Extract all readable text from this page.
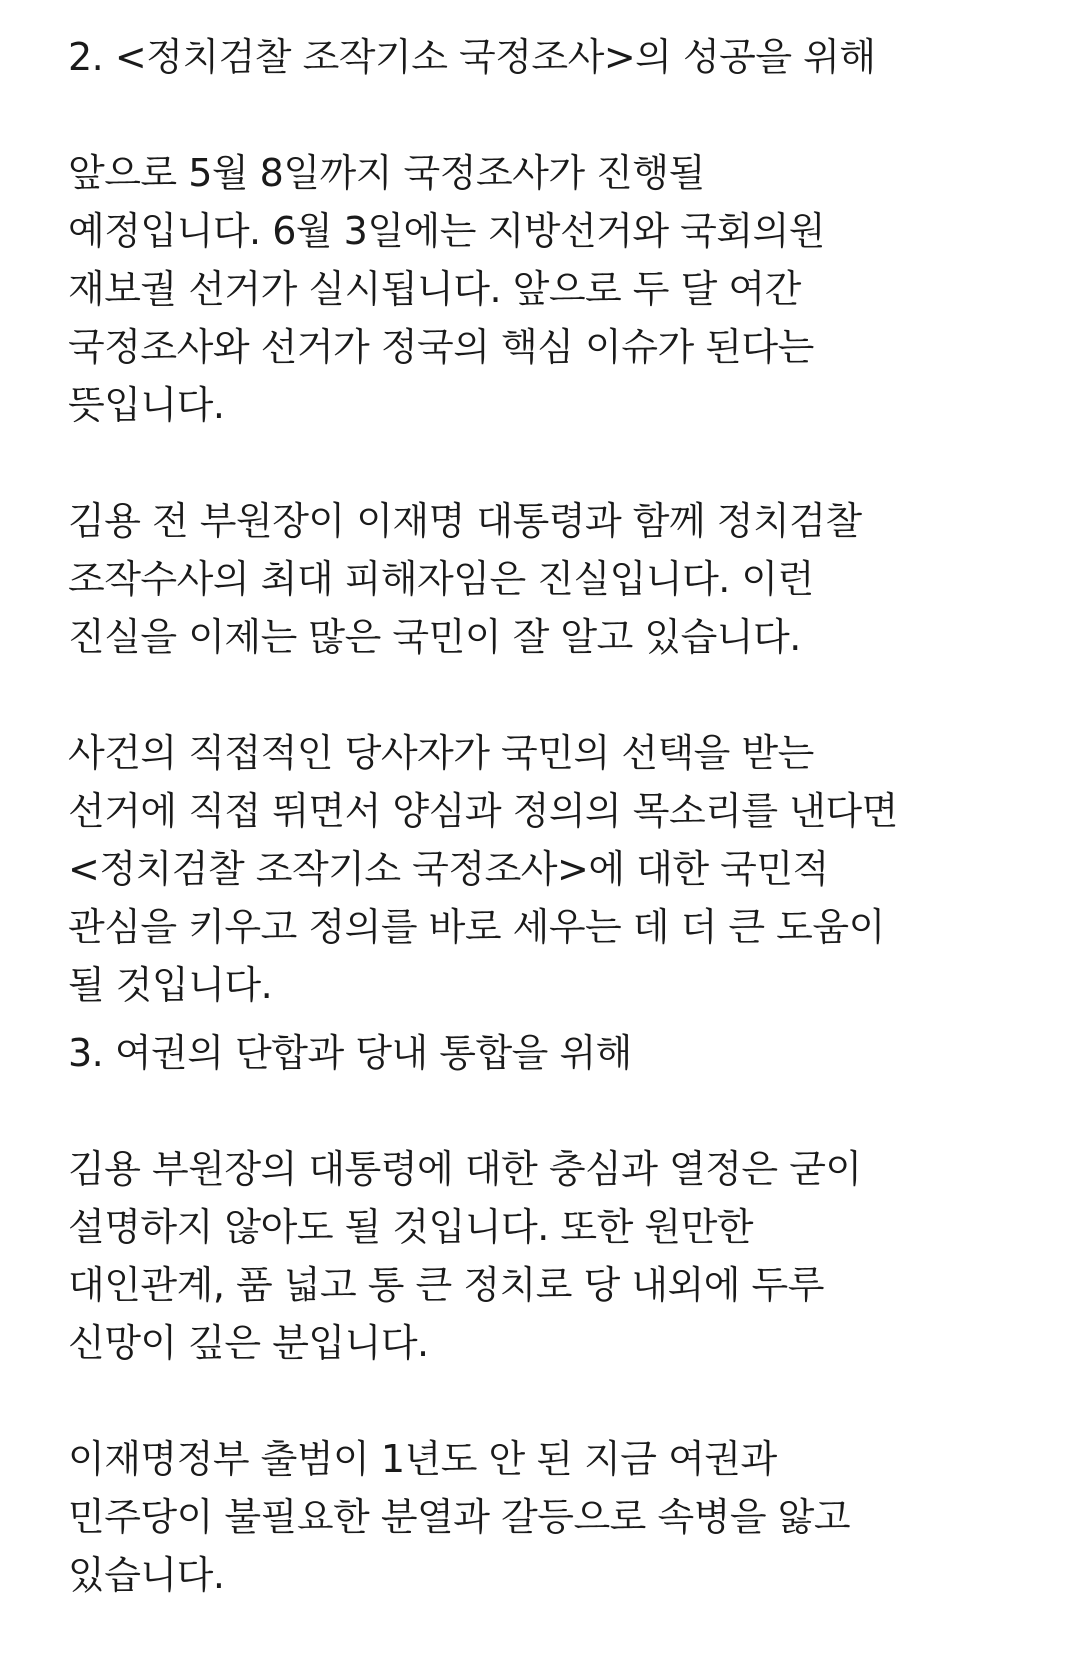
2. <정치검찰 조작기소 국정조사>의 성공을 위해

앞으로 5월 8일까지 국정조사가 진행될
예정입니다. 6월 3일에는 지방선거와 국회의원
재보궐 선거가 실시됩니다. 앞으로 두 달 여간
국정조사와 선거가 정국의 핵심 이슈가 된다는
뜻입니다.

김용 전 부원장이 이재명 대통령과 함께 정치검찰
조작수사의 최대 피해자임은 진실입니다. 이런
진실을 이제는 많은 국민이 잘 알고 있습니다.

사건의 직접적인 당사자가 국민의 선택을 받는
선거에 직접 뛰면서 양심과 정의의 목소리를 낸다면
<정치검찰 조작기소 국정조사>에 대한 국민적
관심을 키우고 정의를 바로 세우는 데 더 큰 도움이
될 것입니다.

3. 여권의 단합과 당내 통합을 위해

김용 부원장의 대통령에 대한 충심과 열정은 굳이
설명하지 않아도 될 것입니다. 또한 원만한
대인관계, 품 넓고 통 큰 정치로 당 내외에 두루
신망이 깊은 분입니다.

이재명정부 출범이 1년도 안 된 지금 여권과
민주당이 불필요한 분열과 갈등으로 속병을 앓고
있습니다.
